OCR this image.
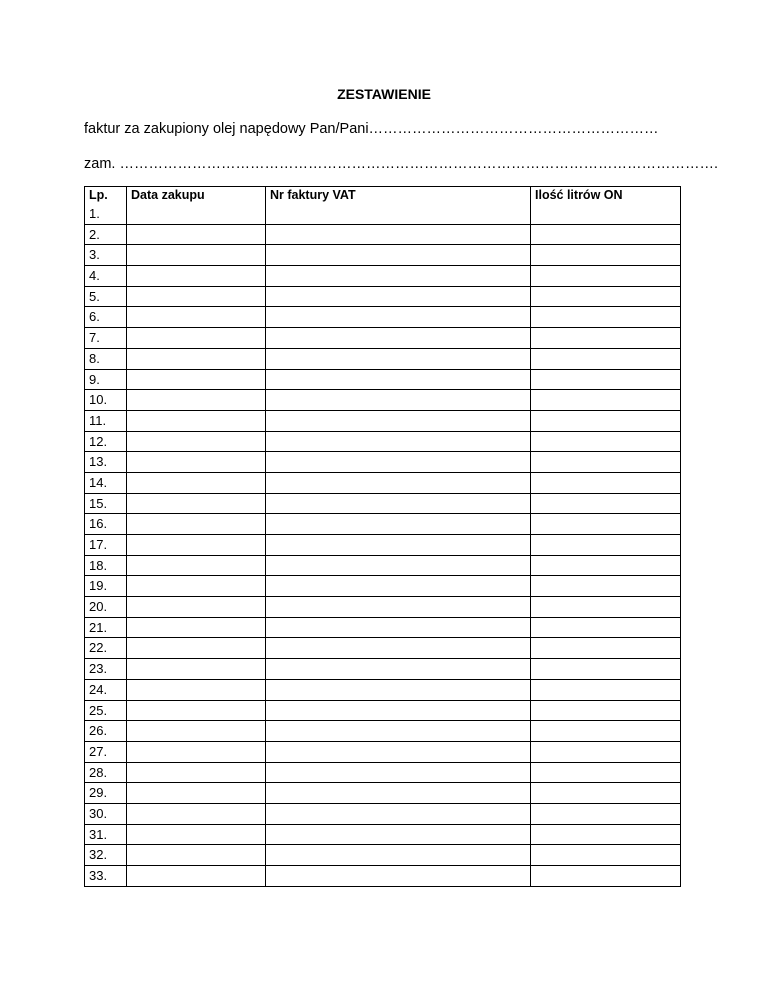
ZESTAWIENIE
faktur za zakupiony olej napędowy Pan/Pani……………………………………………………
zam. …………………………………………………………………………………………………………….
Lp.	Data zakupu	Nr faktury VAT	Ilość litrów ON
1.			
2.			
3.			
4.			
5.			
6.			
7.			
8.			
9.			
10.			
11.			
12.			
13.			
14.			
15.			
16.			
17.			
18.			
19.			
20.			
21.			
22.			
23.			
24.			
25.			
26.			
27.			
28.			
29.			
30.			
31.			
32.			
33.			
